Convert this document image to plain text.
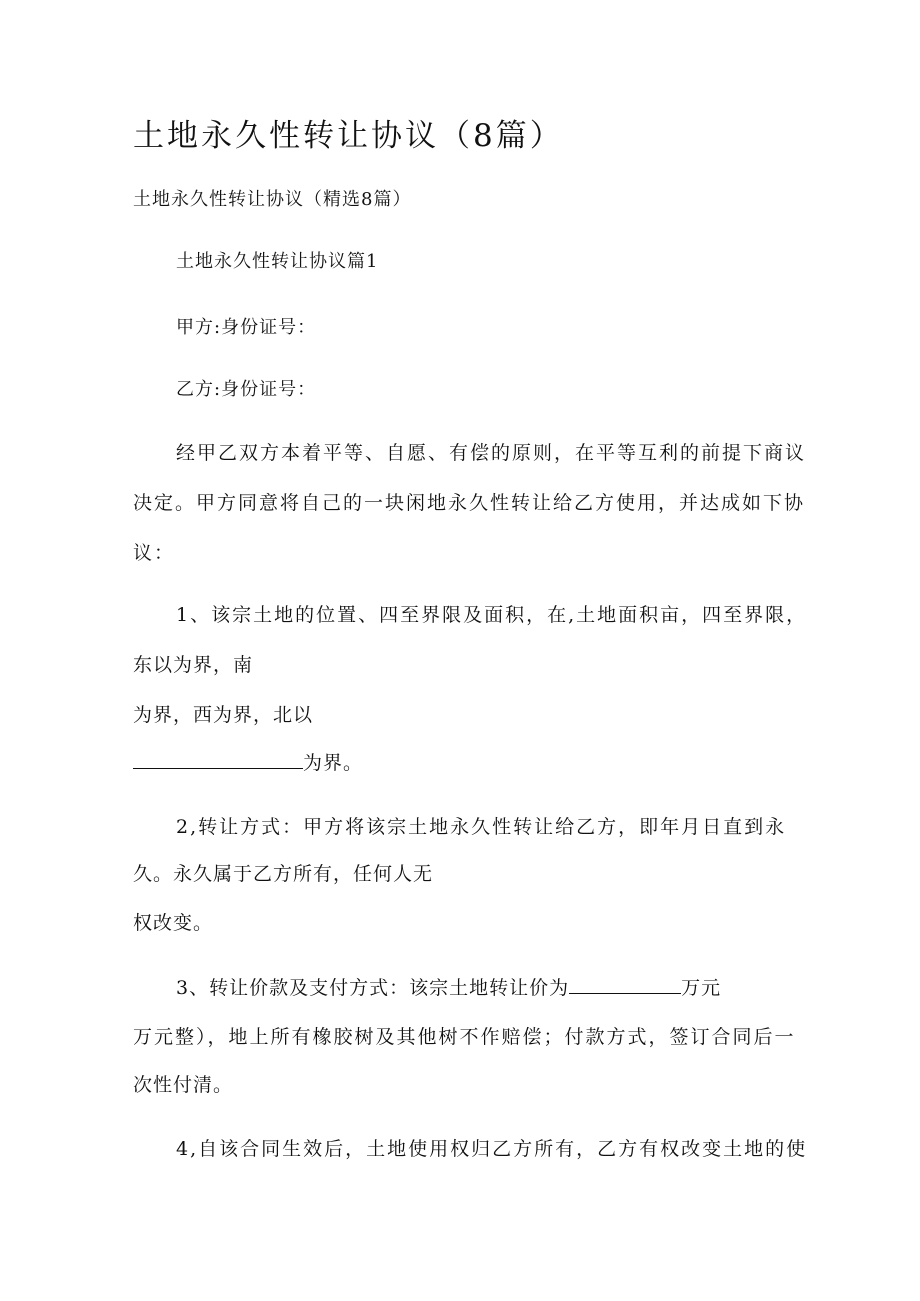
土地永久性转让协议（8篇）
土地永久性转让协议（精选8篇）
土地永久性转让协议篇1
甲方:身份证号：
乙方:身份证号：
经甲乙双方本着平等、自愿、有偿的原则，在平等互利的前提下商议
决定。甲方同意将自己的一块闲地永久性转让给乙方使用，并达成如下协
议：
1、该宗土地的位置、四至界限及面积，在,土地面积亩，四至界限，
东以为界，南
为界，西为界，北以
为界。
2,转让方式：甲方将该宗土地永久性转让给乙方，即年月日直到永
久。永久属于乙方所有，任何人无
权改变。
3、转让价款及支付方式：该宗土地转让价为	万元
万元整），地上所有橡胶树及其他树不作赔偿；付款方式，签订合同后一
次性付清。
4,自该合同生效后，土地使用权归乙方所有，乙方有权改变土地的使
